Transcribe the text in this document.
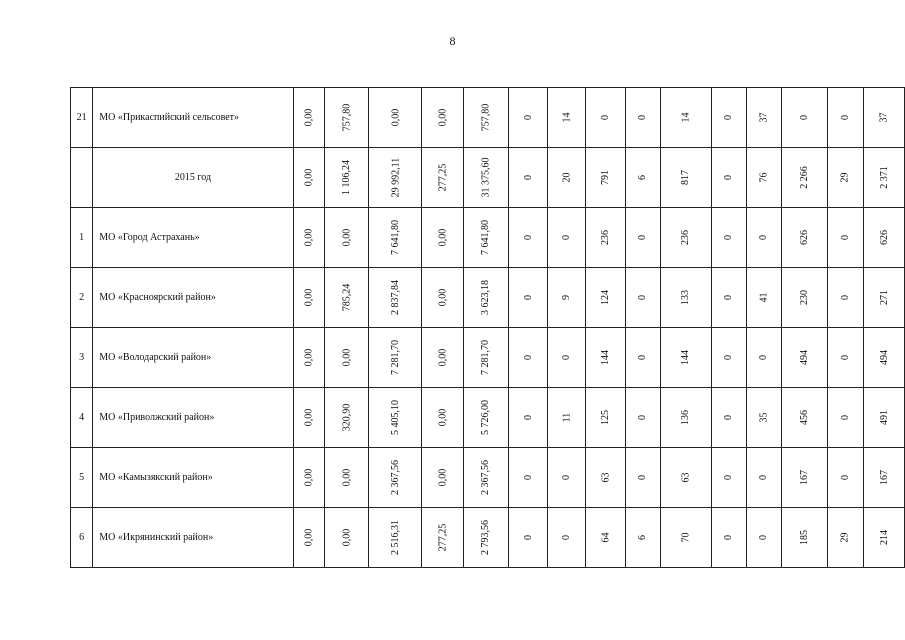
8
21	МО «Прикаспийский сельсовет»	0,00	757,80	0,00	0,00	757,80	0	14	0	0	14	0	37	0	0	37
	2015 год	0,00	1 106,24	29 992,11	277,25	31 375,60	0	20	791	6	817	0	76	2 266	29	2 371
1	МО «Город Астрахань»	0,00	0,00	7 641,80	0,00	7 641,80	0	0	236	0	236	0	0	626	0	626
2	МО «Красноярский район»	0,00	785,24	2 837,84	0,00	3 623,18	0	9	124	0	133	0	41	230	0	271
3	МО «Володарский район»	0,00	0,00	7 281,70	0,00	7 281,70	0	0	144	0	144	0	0	494	0	494
4	МО «Приволжский район»	0,00	320,90	5 405,10	0,00	5 726,00	0	11	125	0	136	0	35	456	0	491
5	МО «Камызякский район»	0,00	0,00	2 367,56	0,00	2 367,56	0	0	63	0	63	0	0	167	0	167
6	МО «Икрянинский район»	0,00	0,00	2 516,31	277,25	2 793,56	0	0	64	6	70	0	0	185	29	214
